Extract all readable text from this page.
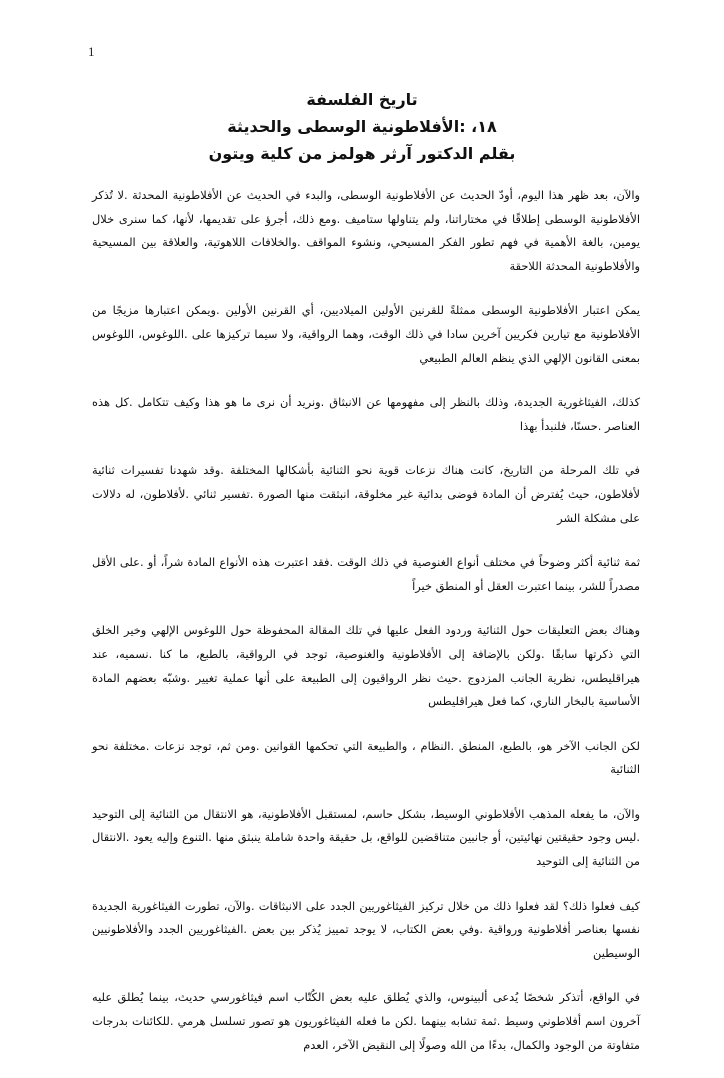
1
تاريخ الفلسفة
١٨، :الأفلاطونية الوسطى والحديثة
بقلم الدكتور آرثر هولمز من كلية ويتون

والآن، بعد ظهر هذا اليوم، أودّ الحديث عن الأفلاطونية الوسطى، والبدء في الحديث عن الأفلاطونية المحدثة .لا تُذكر الأفلاطونية الوسطى إطلاقًا في مختاراتنا، ولم يتناولها ستاميف .ومع ذلك، أجرؤ على تقديمها، لأنها، كما سنرى خلال يومين، بالغة الأهمية في فهم تطور الفكر المسيحي، ونشوء المواقف .والخلافات اللاهوتية، والعلاقة بين المسيحية والأفلاطونية المحدثة اللاحقة

يمكن اعتبار الأفلاطونية الوسطى ممثلةً للقرنين الأولين الميلاديين، أي القرنين الأولين .ويمكن اعتبارها مزيجًا من الأفلاطونية مع تيارين فكريين آخرين سادا في ذلك الوقت، وهما الرواقية، ولا سيما تركيزها على .اللوغوس، اللوغوس بمعنى القانون الإلهي الذي ينظم العالم الطبيعي

كذلك، الفيثاغورية الجديدة، وذلك بالنظر إلى مفهومها عن الانبثاق .ونريد أن نرى ما هو هذا وكيف تتكامل .كل هذه العناصر .حسنًا، فلنبدأ بهذا

في تلك المرحلة من التاريخ، كانت هناك نزعات قوية نحو الثنائية بأشكالها المختلفة .وقد شهدنا تفسيرات ثنائية لأفلاطون، حيث يُفترض أن المادة فوضى بدائية غير مخلوقة، انبثقت منها الصورة .تفسير ثنائي .لأفلاطون، له دلالات على مشكلة الشر

ثمة ثنائية أكثر وضوحاً في مختلف أنواع الغنوصية في ذلك الوقت .فقد اعتبرت هذه الأنواع المادة شراً، أو .على الأقل مصدراً للشر، بينما اعتبرت العقل أو المنطق خيراً

وهناك بعض التعليقات حول الثنائية وردود الفعل عليها في تلك المقالة المحفوظة حول اللوغوس الإلهي وخير الخلق التي ذكرتها سابقًا .ولكن بالإضافة إلى الأفلاطونية والغنوصية، توجد في الرواقية، بالطبع، ما كنا .نسميه، عند هيراقليطس، نظرية الجانب المزدوج .حيث نظر الرواقيون إلى الطبيعة على أنها عملية تغيير .وشبّه بعضهم المادة الأساسية بالبخار الناري، كما فعل هيراقليطس

لكن الجانب الآخر هو، بالطبع، المنطق .النظام ، والطبيعة التي تحكمها القوانين .ومن ثم، توجد نزعات .مختلفة نحو الثنائية

والآن، ما يفعله المذهب الأفلاطوني الوسيط، بشكل حاسم، لمستقبل الأفلاطونية، هو الانتقال من الثنائية إلى التوحيد .ليس وجود حقيقتين نهائيتين، أو جانبين متناقضين للواقع، بل حقيقة واحدة شاملة ينبثق منها .التنوع وإليه يعود .الانتقال من الثنائية إلى التوحيد

كيف فعلوا ذلك؟ لقد فعلوا ذلك من خلال تركيز الفيثاغوريين الجدد على الانبثاقات .والآن، تطورت الفيثاغورية الجديدة نفسها بعناصر أفلاطونية ورواقية .وفي بعض الكتاب، لا يوجد تمييز يُذكر بين بعض .الفيثاغوريين الجدد والأفلاطونيين الوسيطين

في الواقع، أتذكر شخصًا يُدعى ألبينوس، والذي يُطلق عليه بعض الكُتّاب اسم فيثاغورسي حديث، بينما يُطلق عليه آخرون اسم أفلاطوني وسيط .ثمة تشابه بينهما .لكن ما فعله الفيثاغوريون هو تصور تسلسل هرمي .للكائنات بدرجات متفاوتة من الوجود والكمال، بدءًا من الله وصولًا إلى النقيض الآخر، العدم
